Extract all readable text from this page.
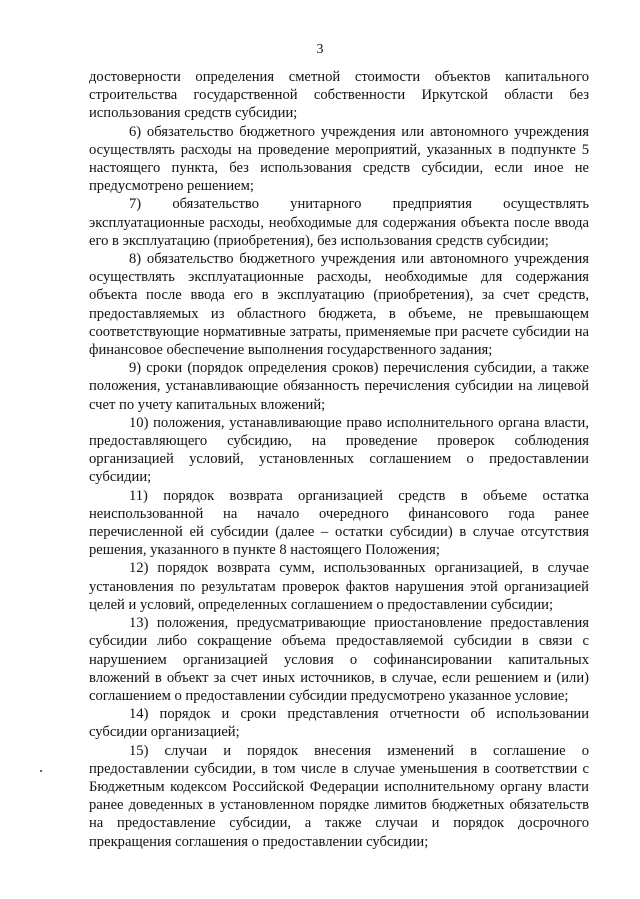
3

достоверности определения сметной стоимости объектов капитального строительства государственной собственности Иркутской области без использования средств субсидии;

6) обязательство бюджетного учреждения или автономного учреждения осуществлять расходы на проведение мероприятий, указанных в подпункте 5 настоящего пункта, без использования средств субсидии, если иное не предусмотрено решением;

7) обязательство унитарного предприятия осуществлять эксплуатационные расходы, необходимые для содержания объекта после ввода его в эксплуатацию (приобретения), без использования средств субсидии;

8) обязательство бюджетного учреждения или автономного учреждения осуществлять эксплуатационные расходы, необходимые для содержания объекта после ввода его в эксплуатацию (приобретения), за счет средств, предоставляемых из областного бюджета, в объеме, не превышающем соответствующие нормативные затраты, применяемые при расчете субсидии на финансовое обеспечение выполнения государственного задания;

9) сроки (порядок определения сроков) перечисления субсидии, а также положения, устанавливающие обязанность перечисления субсидии на лицевой счет по учету капитальных вложений;

10) положения, устанавливающие право исполнительного органа власти, предоставляющего субсидию, на проведение проверок соблюдения организацией условий, установленных соглашением о предоставлении субсидии;

11) порядок возврата организацией средств в объеме остатка неиспользованной на начало очередного финансового года ранее перечисленной ей субсидии (далее – остатки субсидии) в случае отсутствия решения, указанного в пункте 8 настоящего Положения;

12) порядок возврата сумм, использованных организацией, в случае установления по результатам проверок фактов нарушения этой организацией целей и условий, определенных соглашением о предоставлении субсидии;

13) положения, предусматривающие приостановление предоставления субсидии либо сокращение объема предоставляемой субсидии в связи с нарушением организацией условия о софинансировании капитальных вложений в объект за счет иных источников, в случае, если решением и (или) соглашением о предоставлении субсидии предусмотрено указанное условие;

14) порядок и сроки представления отчетности об использовании субсидии организацией;

15) случаи и порядок внесения изменений в соглашение о предоставлении субсидии, в том числе в случае уменьшения в соответствии с Бюджетным кодексом Российской Федерации исполнительному органу власти ранее доведенных в установленном порядке лимитов бюджетных обязательств на предоставление субсидии, а также случаи и порядок досрочного прекращения соглашения о предоставлении субсидии;
